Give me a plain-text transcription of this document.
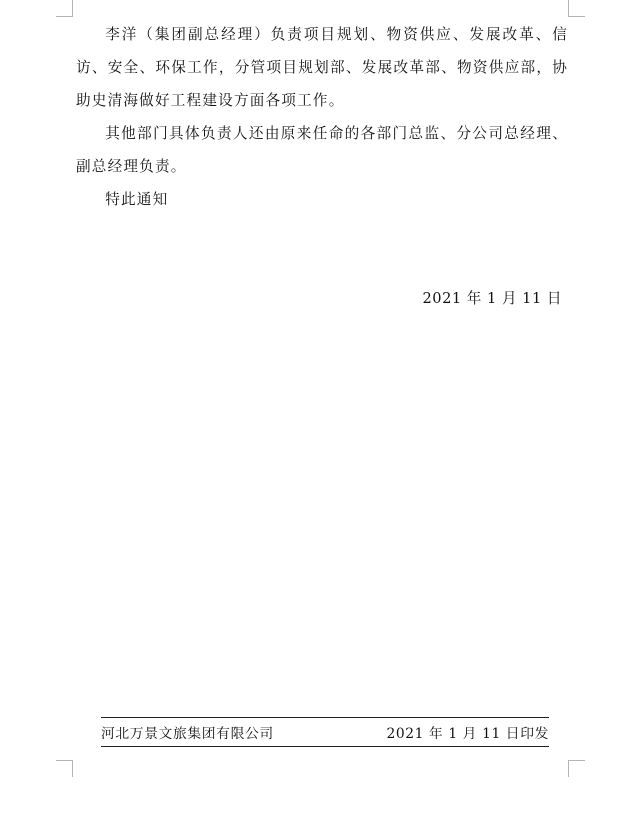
李洋（集团副总经理）负责项目规划、物资供应、发展改革、信访、安全、环保工作，分管项目规划部、发展改革部、物资供应部，协助史清海做好工程建设方面各项工作。

其他部门具体负责人还由原来任命的各部门总监、分公司总经理、副总经理负责。

特此通知

2021 年 1 月 11 日
河北万景文旅集团有限公司	2021 年 1 月 11 日印发
